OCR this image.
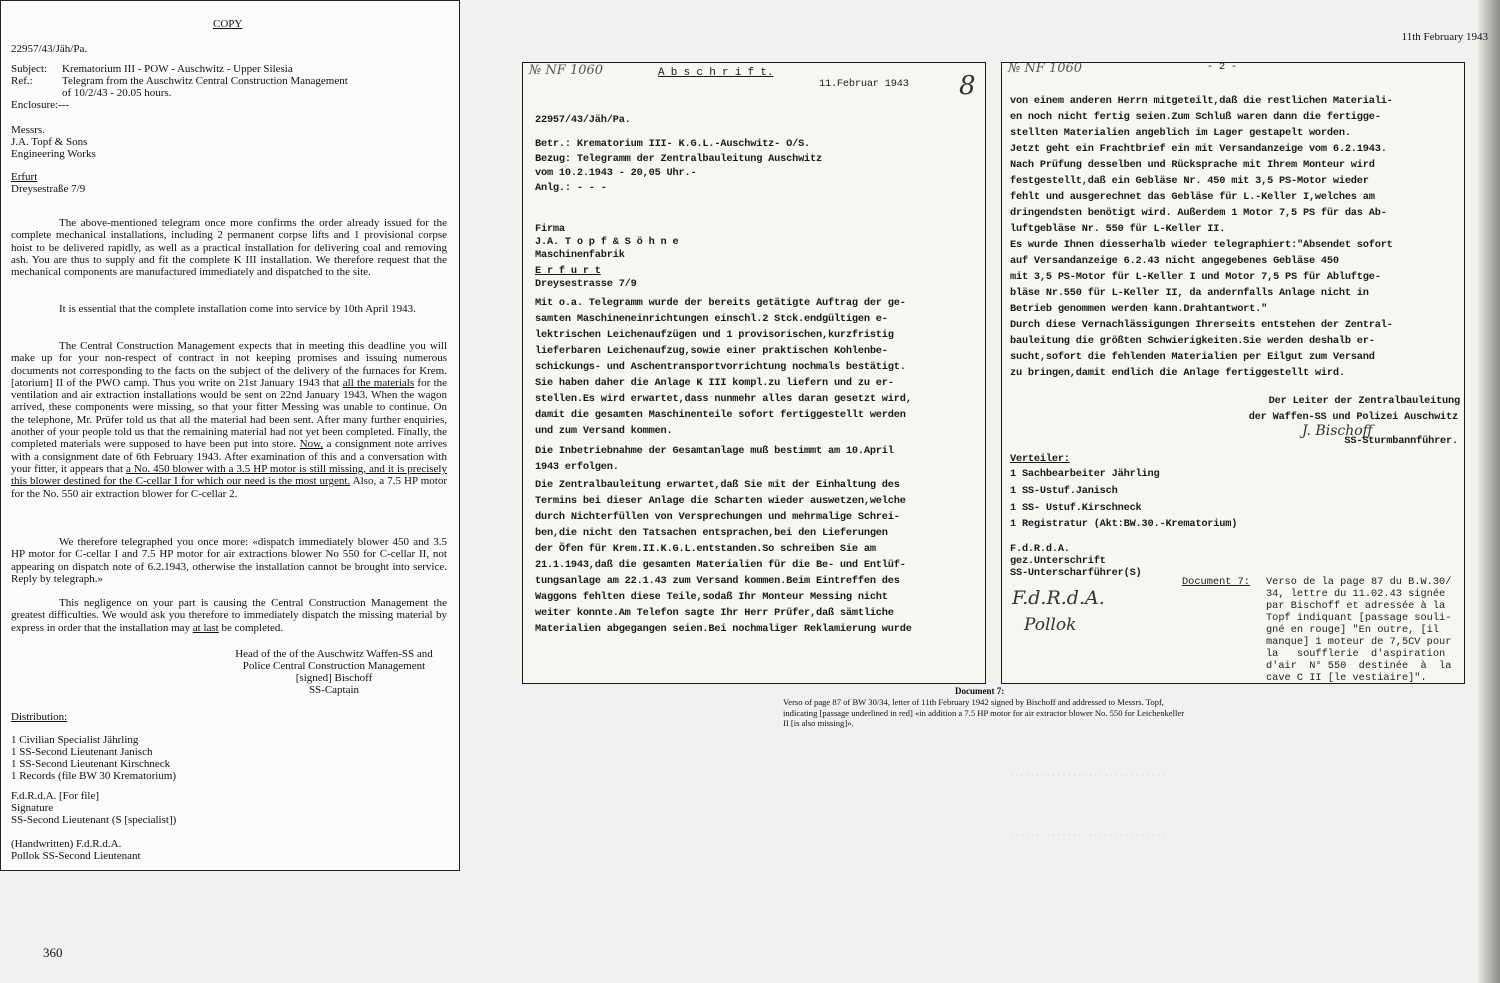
· · · · · · · · · · · · · · · · · · · · · · · · · · · · · ·
· · · · · · · · · · · · · · · · · · · · · · · · · · · · · ·
COPY
11th February 1943
22957/43/Jäh/Pa.
Subject: Krematorium III - POW - Auschwitz - Upper Silesia
Ref.:	Telegram from the Auschwitz Central Construction Management
of 10/2/43 - 20.05 hours.
Enclosure:---
Messrs.
J.A. Topf & Sons
Engineering Works
Erfurt
Dreysestraße 7/9
The above-mentioned telegram once more confirms the order already issued for the complete mechanical installations, including 2 permanent corpse lifts and 1 provisional corpse hoist to be delivered rapidly, as well as a practical installation for delivering coal and removing ash. You are thus to supply and fit the complete K III installation. We therefore request that the mechanical components are manufactured immediately and dispatched to the site.
It is essential that the complete installation come into service by 10th April 1943.
The Central Construction Management expects that in meeting this deadline you will make up for your non-respect of contract in not keeping promises and issuing numerous documents not corresponding to the facts on the subject of the delivery of the furnaces for Krem.[atorium] II of the PWO camp. Thus you write on 21st January 1943 that all the materials for the ventilation and air extraction installations would be sent on 22nd January 1943. When the wagon arrived, these components were missing, so that your fitter Messing was unable to continue. On the telephone, Mr. Prüfer told us that all the material had been sent. After many further enquiries, another of your people told us that the remaining material had not yet been completed. Finally, the completed materials were supposed to have been put into store. Now, a consignment note arrives with a consignment date of 6th February 1943. After examination of this and a conversation with your fitter, it appears that a No. 450 blower with a 3.5 HP motor is still missing, and it is precisely this blower destined for the C-cellar I for which our need is the most urgent. Also, a 7.5 HP motor for the No. 550 air extraction blower for C-cellar 2.
We therefore telegraphed you once more: «dispatch immediately blower 450 and 3.5 HP motor for C-cellar I and 7.5 HP motor for air extractions blower No 550 for C-cellar II, not appearing on dispatch note of 6.2.1943, otherwise the installation cannot be brought into service. Reply by telegraph.»
This negligence on your part is causing the Central Construction Management the greatest difficulties. We would ask you therefore to immediately dispatch the missing material by express in order that the installation may at last be completed.
Head of the of the Auschwitz Waffen-SS and
Police Central Construction Management
[signed] Bischoff
SS-Captain
Distribution:
1 Civilian Specialist Jährling
1 SS-Second Lieutenant Janisch
1 SS-Second Lieutenant Kirschneck
1 Records (file BW 30 Krematorium)
F.d.R.d.A. [For file]
Signature
SS-Second Lieutenant (S [specialist])
(Handwritten) F.d.R.d.A.
Pollok SS-Second Lieutenant
№ NF 1060	A b s c h r i f t.
11.Februar 1943 8
22957/43/Jäh/Pa.
Betr.: Krematorium III- K.G.L.-Auschwitz- O/S.
Bezug: Telegramm der Zentralbauleitung Auschwitz
vom 10.2.1943 - 20,05 Uhr.-
Anlg.: - - -
Firma
J.A. T o p f & S ö h n e
Maschinenfabrik
E r f u r t
Dreysestrasse 7/9
Mit o.a. Telegramm wurde der bereits getätigte Auftrag der ge-
samten Maschineneinrichtungen einschl.2 Stck.endgültigen e-
lektrischen Leichenaufzügen und 1 provisorischen,kurzfristig
lieferbaren Leichenaufzug,sowie einer praktischen Kohlenbe-
schickungs- und Aschentransportvorrichtung nochmals bestätigt.
Sie haben daher die Anlage K III kompl.zu liefern und zu er-
stellen.Es wird erwartet,dass nunmehr alles daran gesetzt wird,
damit die gesamten Maschinenteile sofort fertiggestellt werden
und zum Versand kommen.
Die Inbetriebnahme der Gesamtanlage muß bestimmt am 10.April
1943 erfolgen.
Die Zentralbauleitung erwartet,daß Sie mit der Einhaltung des
Termins bei dieser Anlage die Scharten wieder auswetzen,welche
durch Nichterfüllen von Versprechungen und mehrmalige Schrei-
ben,die nicht den Tatsachen entsprachen,bei den Lieferungen
der Öfen für Krem.II.K.G.L.entstanden.So schreiben Sie am
21.1.1943,daß die gesamten Materialien für die Be- und Entlüf-
tungsanlage am 22.1.43 zum Versand kommen.Beim Eintreffen des
Waggons fehlten diese Teile,sodaß Ihr Monteur Messing nicht
weiter konnte.Am Telefon sagte Ihr Herr Prüfer,daß sämtliche
Materialien abgegangen seien.Bei nochmaliger Reklamierung wurde
№ NF 1060	- 2 -
von einem anderen Herrn mitgeteilt,daß die restlichen Materiali-
en noch nicht fertig seien.Zum Schluß waren dann die fertigge-
stellten Materialien angeblich im Lager gestapelt worden.
Jetzt geht ein Frachtbrief ein mit Versandanzeige vom 6.2.1943.
Nach Prüfung desselben und Rücksprache mit Ihrem Monteur wird
festgestellt,daß ein Gebläse Nr. 450 mit 3,5 PS-Motor wieder
fehlt und ausgerechnet das Gebläse für L.-Keller I,welches am
dringendsten benötigt wird. Außerdem 1 Motor 7,5 PS für das Ab-
luftgebläse Nr. 550 für L-Keller II.
Es wurde Ihnen diesserhalb wieder telegraphiert:"Absendet sofort
auf Versandanzeige 6.2.43 nicht angegebenes Gebläse 450
mit 3,5 PS-Motor für L-Keller I und Motor 7,5 PS für Abluftge-
bläse Nr.550 für L-Keller II, da andernfalls Anlage nicht in
Betrieb genommen werden kann.Drahtantwort."
Durch diese Vernachlässigungen Ihrerseits entstehen der Zentral-
bauleitung die größten Schwierigkeiten.Sie werden deshalb er-
sucht,sofort die fehlenden Materialien per Eilgut zum Versand
zu bringen,damit endlich die Anlage fertiggestellt wird.
Der Leiter der Zentralbauleitung
der Waffen-SS und Polizei Auschwitz
J. Bischoff
SS-Sturmbannführer.
Verteiler:
1 Sachbearbeiter Jährling
1 SS-Ustuf.Janisch
1 SS- Ustuf.Kirschneck
1 Registratur (Akt:BW.30.-Krematorium)
F.d.R.d.A.
gez.Unterschrift
SS-Unterscharführer(S)
F.d.R.d.A.
Pollok
Document 7: Verso de la page 87 du B.W.30/
34, lettre du 11.02.43 signée
par Bischoff et adressée à la
Topf indiquant [passage souli-
gné en rouge] "En outre, [il
manque] 1 moteur de 7,5CV pour
la   soufflerie  d'aspiration
d'air  N° 550  destinée  à  la
cave C II [le vestiaire]".
Document 7:
Verso of page 87 of BW 30/34, letter of 11th February 1942 signed by Bischoff and addressed to Messrs. Topf, indicating [passage underlined in red] «in addition a 7.5 HP motor for air extractor blower No. 550 for Leichenkeller II [is also missing]».
360
